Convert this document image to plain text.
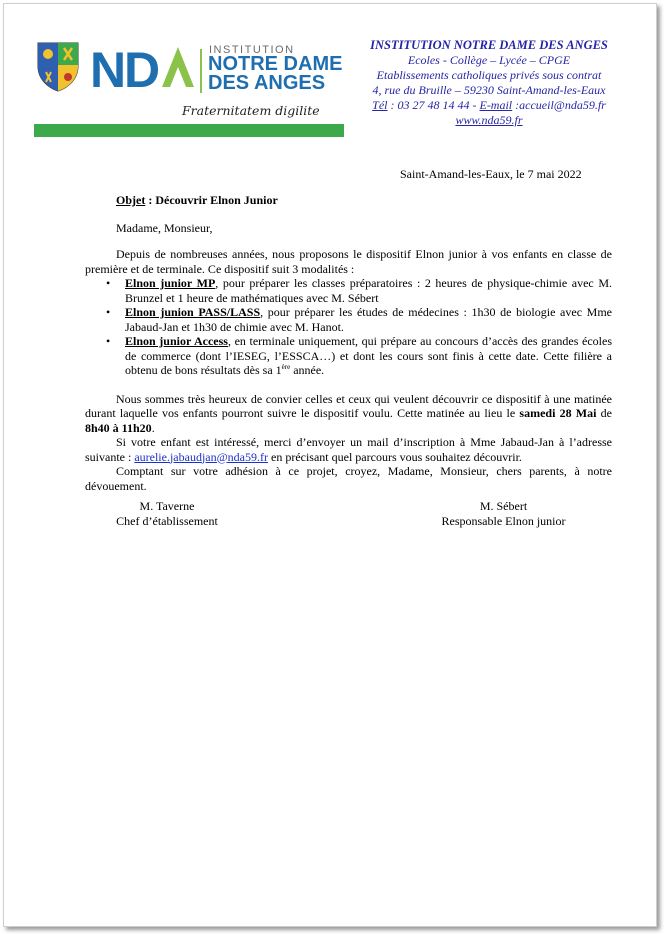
N D	INSTITUTION
NOTRE DAME
DES ANGES
Fraternitatem digilite
INSTITUTION NOTRE DAME DES ANGES
Ecoles - Collège – Lycée – CPGE
Etablissements catholiques privés sous contrat
4, rue du Bruille – 59230 Saint-Amand-les-Eaux
Tél : 03 27 48 14 44 - E-mail :accueil@nda59.fr
www.nda59.fr
Saint-Amand-les-Eaux, le 7 mai 2022
Objet : Découvrir Elnon Junior
Madame, Monsieur,

Depuis de nombreuses années, nous proposons le dispositif Elnon junior à vos enfants en classe de première et de terminale. Ce dispositif suit 3 modalités :

• Elnon junior MP, pour préparer les classes préparatoires : 2 heures de physique-chimie avec M. Brunzel et 1 heure de mathématiques avec M. Sébert
• Elnon junion PASS/LASS, pour préparer les études de médecines : 1h30 de biologie avec Mme Jabaud-Jan et 1h30 de chimie avec M. Hanot.
• Elnon junior Access, en terminale uniquement, qui prépare au concours d’accès des grandes écoles de commerce (dont l’IESEG, l’ESSCA…) et dont les cours sont finis à cette date. Cette filière a obtenu de bons résultats dès sa 1ère année.

Nous sommes très heureux de convier celles et ceux qui veulent découvrir ce dispositif à une matinée durant laquelle vos enfants pourront suivre le dispositif voulu. Cette matinée au lieu le samedi 28 Mai de 8h40 à 11h20.

Si votre enfant est intéressé, merci d’envoyer un mail d’inscription à Mme Jabaud-Jan à l’adresse suivante : aurelie.jabaudjan@nda59.fr en précisant quel parcours vous souhaitez découvrir.

Comptant sur votre adhésion à ce projet, croyez, Madame, Monsieur, chers parents, à notre dévouement.

M. Taverne
Chef d’établissement
M. Sébert
Responsable Elnon junior
